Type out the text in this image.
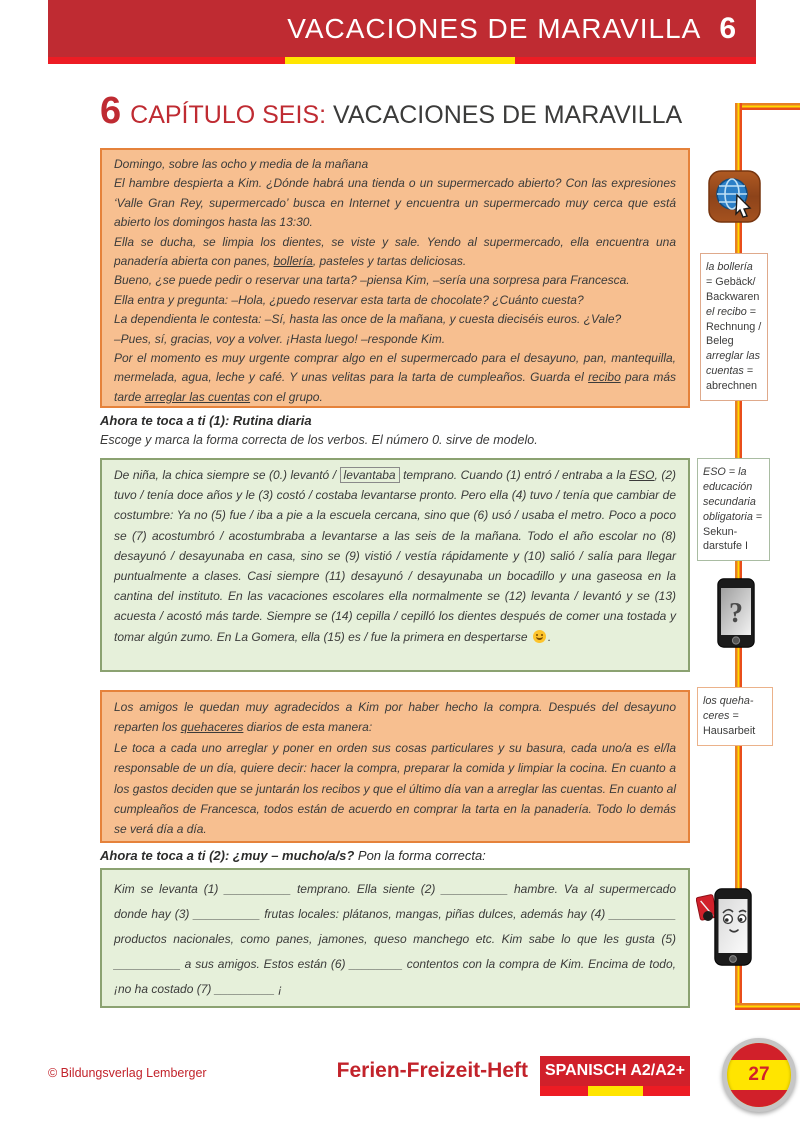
VACACIONES DE MARAVILLA 6
6 CAPÍTULO SEIS: VACACIONES DE MARAVILLA

Domingo, sobre las ocho y media de la mañana

El hambre despierta a Kim. ¿Dónde habrá una tienda o un supermercado abierto? Con las expresiones ‘Valle Gran Rey, supermercado’ busca en Internet y encuentra un supermercado muy cerca que está abierto los domingos hasta las 13:30.

Ella se ducha, se limpia los dientes, se viste y sale. Yendo al supermercado, ella encuentra una panadería abierta con panes, bollería, pasteles y tartas deliciosas.

Bueno, ¿se puede pedir o reservar una tarta? –piensa Kim, –sería una sorpresa para Francesca.

Ella entra y pregunta: –Hola, ¿puedo reservar esta tarta de chocolate? ¿Cuánto cuesta?

La dependienta le contesta: –Sí, hasta las once de la mañana, y cuesta dieciséis euros. ¿Vale?

–Pues, sí, gracias, voy a volver. ¡Hasta luego! –responde Kim.

Por el momento es muy urgente comprar algo en el supermercado para el desayuno, pan, mantequilla, mermelada, agua, leche y café. Y unas velitas para la tarta de cumpleaños. Guarda el recibo para más tarde arreglar las cuentas con el grupo.

Ahora te toca a ti (1): Rutina diaria
Escoge y marca la forma correcta de los verbos. El número 0. sirve de modelo.
De niña, la chica siempre se (0.) levantó / levantaba temprano. Cuando (1) entró / entraba a la ESO, (2) tuvo / tenía doce años y le (3) costó / costaba levantarse pronto. Pero ella (4) tuvo / tenía que cambiar de costumbre: Ya no (5) fue / iba a pie a la escuela cercana, sino que (6) usó / usaba el metro. Poco a poco se (7) acostumbró / acostumbraba a levantarse a las seis de la mañana. Todo el año escolar no (8) desayunó / desayunaba en casa, sino se (9) vistió / vestía rápidamente y (10) salió / salía para llegar puntualmente a clases. Casi siempre (11) desayunó / desayunaba un bocadillo y una gaseosa en la cantina del instituto. En las vacaciones escolares ella normalmente se (12) levanta / levantó y se (13) acuesta / acostó más tarde. Siempre se (14) cepilla / cepilló los dientes después de comer una tostada y tomar algún zumo. En La Gomera, ella (15) es / fue la primera en despertarse .

Los amigos le quedan muy agradecidos a Kim por haber hecho la compra. Después del desayuno reparten los quehaceres diarios de esta manera:

Le toca a cada uno arreglar y poner en orden sus cosas particulares y su basura, cada uno/a es el/la responsable de un día, quiere decir: hacer la compra, preparar la comida y limpiar la cocina. En cuanto a los gastos deciden que se juntarán los recibos y que el último día van a arreglar las cuentas. En cuanto al cumpleaños de Francesca, todos están de acuerdo en comprar la tarta en la panadería. Todo lo demás se verá día a día.

Ahora te toca a ti (2): ¿muy – mucho/a/s? Pon la forma correcta:
Kim se levanta (1) __________ temprano. Ella siente (2) __________ hambre. Va al supermercado donde hay (3) __________ frutas locales: plátanos, mangas, piñas dulces, además hay (4) __________ productos nacionales, como panes, jamones, queso manchego etc. Kim sabe lo que les gusta (5) __________ a sus amigos. Estos están (6) ________ contentos con la compra de Kim. Encima de todo, ¡no ha costado (7) _________ ¡
la bollería = Gebäck/ Backwaren el recibo = Rechnung / Beleg arreglar las cuentas = abrechnen
ESO = la educación secundaria obligatoria = Sekun- darstufe I
?
los queha- ceres = Hausarbeit
© Bildungsverlag Lemberger	Ferien-Freizeit-Heft	SPANISCH A2/A2+	27
